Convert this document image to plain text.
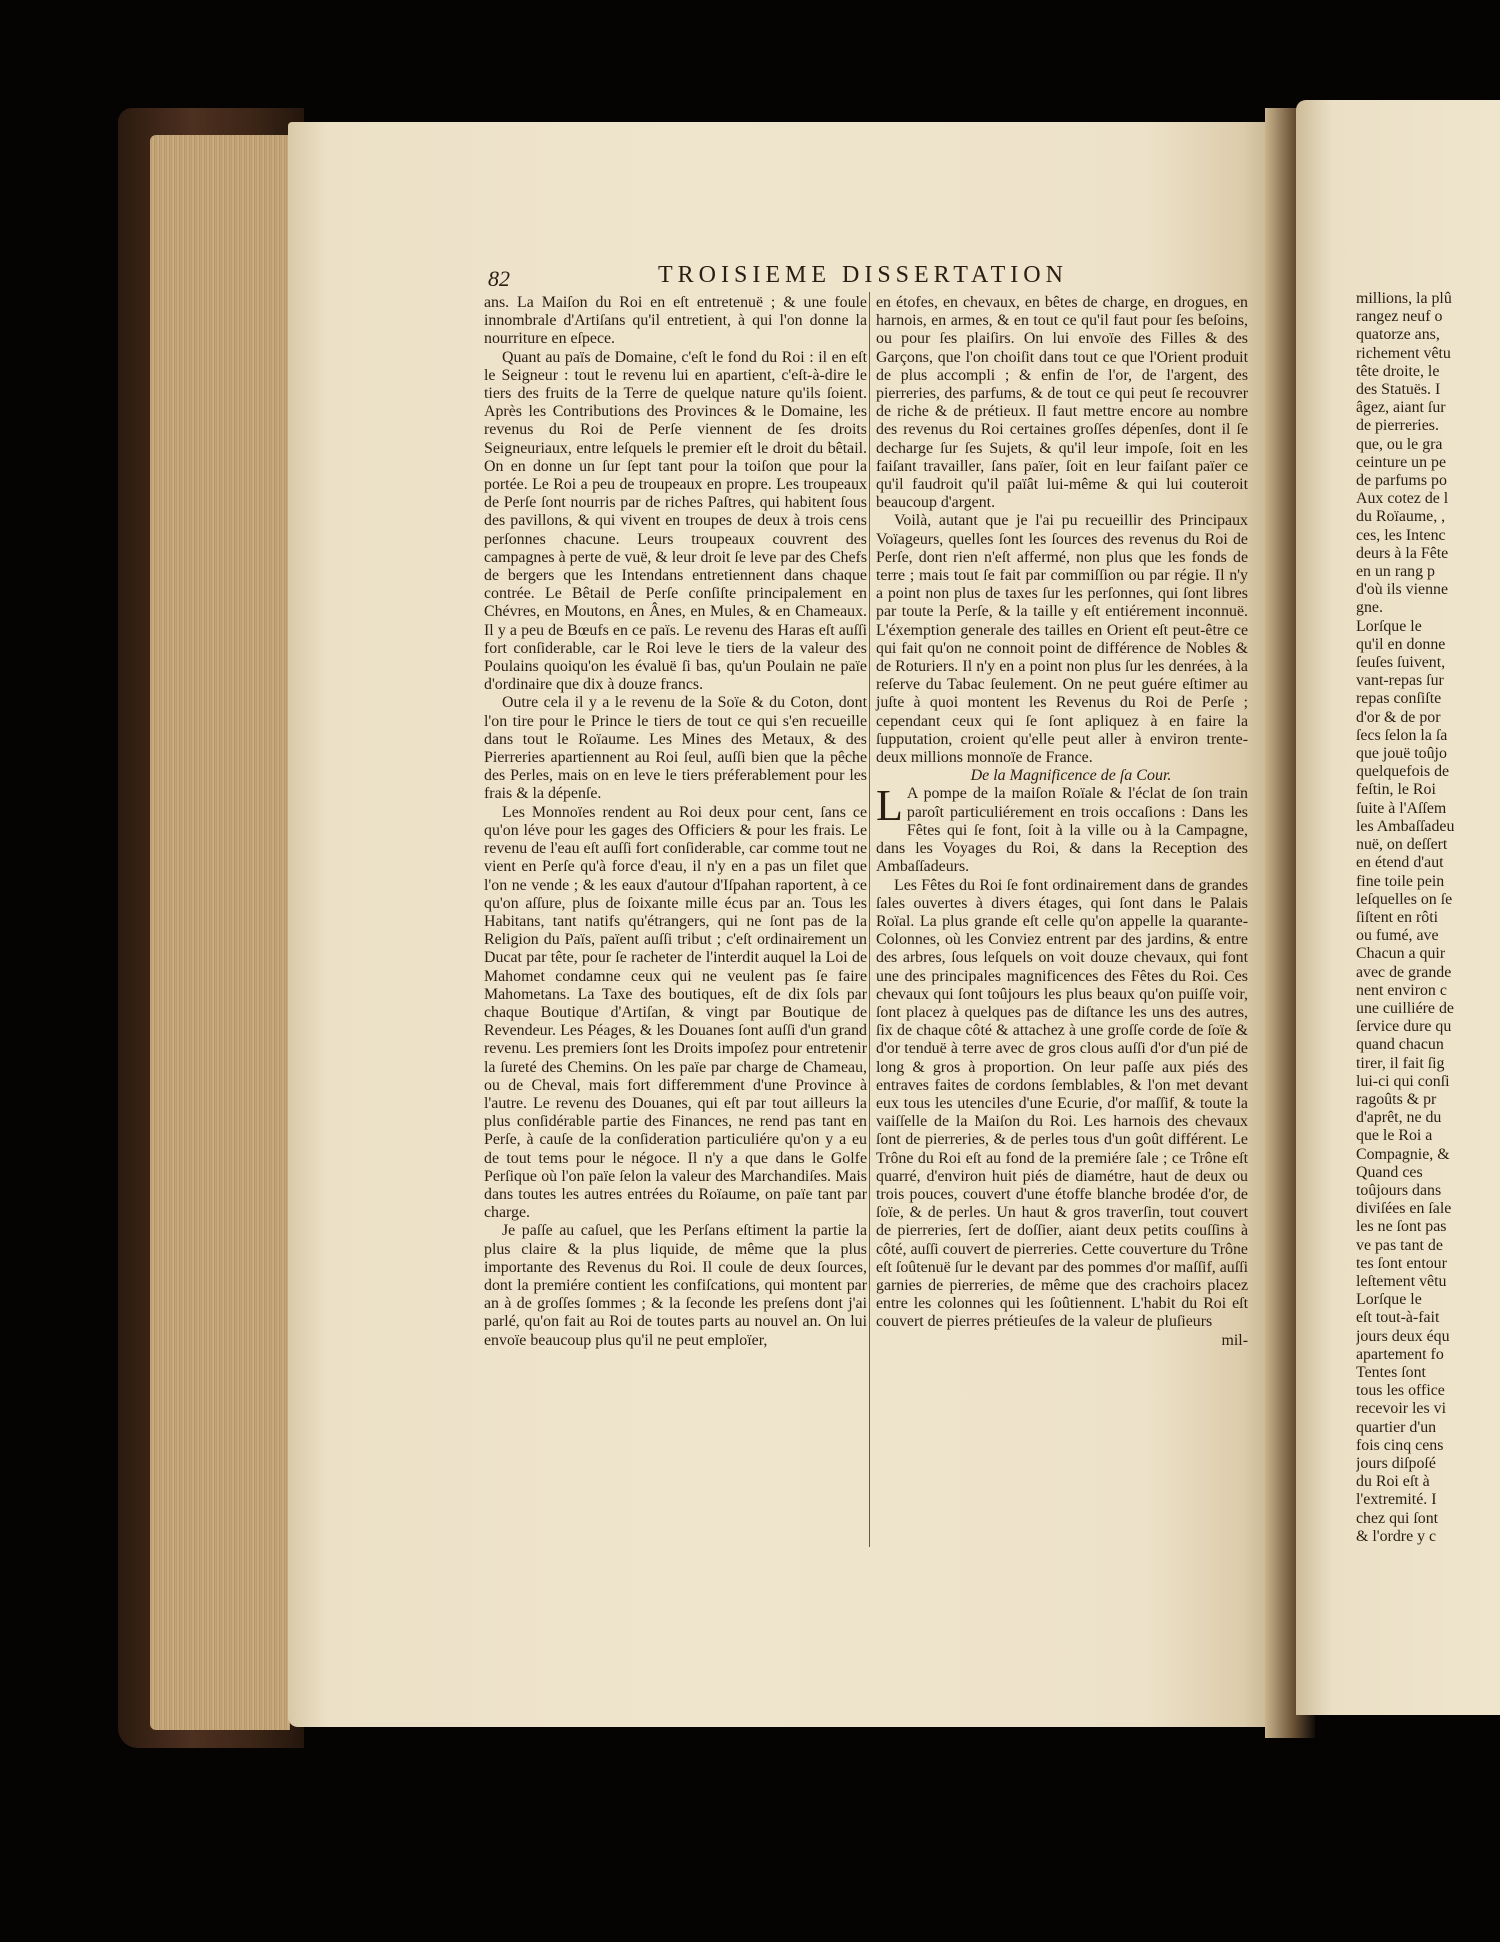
82	TROISIEME DISSERTATION

ans. La Maiſon du Roi en eſt entretenuë ; & une foule innombrale d'Artiſans qu'il entretient, à qui l'on donne la nourriture en eſpece.

Quant au païs de Domaine, c'eſt le fond du Roi : il en eſt le Seigneur : tout le revenu lui en apartient, c'eſt-à-dire le tiers des fruits de la Terre de quelque nature qu'ils ſoient. Après les Contributions des Provinces & le Domaine, les revenus du Roi de Perſe viennent de ſes droits Seigneuriaux, entre leſquels le premier eſt le droit du bêtail. On en donne un ſur ſept tant pour la toiſon que pour la portée. Le Roi a peu de troupeaux en propre. Les troupeaux de Perſe ſont nourris par de riches Paſtres, qui habitent ſous des pavillons, & qui vivent en troupes de deux à trois cens perſonnes chacune. Leurs troupeaux couvrent des campagnes à perte de vuë, & leur droit ſe leve par des Chefs de bergers que les Intendans entretiennent dans chaque contrée. Le Bêtail de Perſe conſiſte principalement en Chévres, en Moutons, en Ânes, en Mules, & en Chameaux. Il y a peu de Bœufs en ce païs. Le revenu des Haras eſt auſſi fort conſiderable, car le Roi leve le tiers de la valeur des Poulains quoiqu'on les évaluë ſi bas, qu'un Poulain ne païe d'ordinaire que dix à douze francs.

Outre cela il y a le revenu de la Soïe & du Coton, dont l'on tire pour le Prince le tiers de tout ce qui s'en recueille dans tout le Roïaume. Les Mines des Metaux, & des Pierreries apartiennent au Roi ſeul, auſſi bien que la pêche des Perles, mais on en leve le tiers préferablement pour les frais & la dépenſe.

Les Monnoïes rendent au Roi deux pour cent, ſans ce qu'on léve pour les gages des Officiers & pour les frais. Le revenu de l'eau eſt auſſi fort conſiderable, car comme tout ne vient en Perſe qu'à force d'eau, il n'y en a pas un filet que l'on ne vende ; & les eaux d'autour d'Iſpahan raportent, à ce qu'on aſſure, plus de ſoixante mille écus par an. Tous les Habitans, tant natifs qu'étrangers, qui ne ſont pas de la Religion du Païs, païent auſſi tribut ; c'eſt ordinairement un Ducat par tête, pour ſe racheter de l'interdit auquel la Loi de Mahomet condamne ceux qui ne veulent pas ſe faire Mahometans. La Taxe des boutiques, eſt de dix ſols par chaque Boutique d'Artiſan, & vingt par Boutique de Revendeur. Les Péages, & les Douanes ſont auſſi d'un grand revenu. Les premiers ſont les Droits impoſez pour entretenir la ſureté des Chemins. On les païe par charge de Chameau, ou de Cheval, mais fort differemment d'une Province à l'autre. Le revenu des Douanes, qui eſt par tout ailleurs la plus conſidérable partie des Finances, ne rend pas tant en Perſe, à cauſe de la conſideration particuliére qu'on y a eu de tout tems pour le négoce. Il n'y a que dans le Golfe Perſique où l'on païe ſelon la valeur des Marchandiſes. Mais dans toutes les autres entrées du Roïaume, on païe tant par charge.

Je paſſe au caſuel, que les Perſans eſtiment la partie la plus claire & la plus liquide, de même que la plus importante des Revenus du Roi. Il coule de deux ſources, dont la premiére contient les confiſcations, qui montent par an à de groſſes ſommes ; & la ſeconde les preſens dont j'ai parlé, qu'on fait au Roi de toutes parts au nouvel an. On lui envoïe beaucoup plus qu'il ne peut emploïer,

en étofes, en chevaux, en bêtes de charge, en drogues, en harnois, en armes, & en tout ce qu'il faut pour ſes beſoins, ou pour ſes plaiſirs. On lui envoïe des Filles & des Garçons, que l'on choiſit dans tout ce que l'Orient produit de plus accompli ; & enfin de l'or, de l'argent, des pierreries, des parfums, & de tout ce qui peut ſe recouvrer de riche & de prétieux. Il faut mettre encore au nombre des revenus du Roi certaines groſſes dépenſes, dont il ſe decharge ſur ſes Sujets, & qu'il leur impoſe, ſoit en les faiſant travailler, ſans païer, ſoit en leur faiſant païer ce qu'il faudroit qu'il païât lui-même & qui lui couteroit beaucoup d'argent.

Voilà, autant que je l'ai pu recueillir des Principaux Voïageurs, quelles ſont les ſources des revenus du Roi de Perſe, dont rien n'eſt affermé, non plus que les fonds de terre ; mais tout ſe fait par commiſſion ou par régie. Il n'y a point non plus de taxes ſur les perſonnes, qui ſont libres par toute la Perſe, & la taille y eſt entiérement inconnuë. L'éxemption generale des tailles en Orient eſt peut-être ce qui fait qu'on ne connoit point de différence de Nobles & de Roturiers. Il n'y en a point non plus ſur les denrées, à la reſerve du Tabac ſeulement. On ne peut guére eſtimer au juſte à quoi montent les Revenus du Roi de Perſe ; cependant ceux qui ſe ſont apliquez à en faire la ſupputation, croient qu'elle peut aller à environ trente-deux millions monnoïe de France.

De la Magnificence de ſa Cour.

L A pompe de la maiſon Roïale & l'éclat de ſon train paroît particuliérement en trois occaſions : Dans les Fêtes qui ſe font, ſoit à la ville ou à la Campagne, dans les Voyages du Roi, & dans la Reception des Ambaſſadeurs.

Les Fêtes du Roi ſe font ordinairement dans de grandes ſales ouvertes à divers étages, qui ſont dans le Palais Roïal. La plus grande eſt celle qu'on appelle la quarante-Colonnes, où les Conviez entrent par des jardins, & entre des arbres, ſous leſquels on voit douze chevaux, qui font une des principales magnificences des Fêtes du Roi. Ces chevaux qui ſont toûjours les plus beaux qu'on puiſſe voir, ſont placez à quelques pas de diſtance les uns des autres, ſix de chaque côté & attachez à une groſſe corde de ſoïe & d'or tenduë à terre avec de gros clous auſſi d'or d'un pié de long & gros à proportion. On leur paſſe aux piés des entraves faites de cordons ſemblables, & l'on met devant eux tous les utenciles d'une Ecurie, d'or maſſif, & toute la vaiſſelle de la Maiſon du Roi. Les harnois des chevaux ſont de pierreries, & de perles tous d'un goût différent. Le Trône du Roi eſt au fond de la premiére ſale ; ce Trône eſt quarré, d'environ huit piés de diamétre, haut de deux ou trois pouces, couvert d'une étoffe blanche brodée d'or, de ſoïe, & de perles. Un haut & gros traverſin, tout couvert de pierreries, ſert de doſſier, aiant deux petits couſſins à côté, auſſi couvert de pierreries. Cette couverture du Trône eſt ſoûtenuë ſur le devant par des pommes d'or maſſif, auſſi garnies de pierreries, de même que des crachoirs placez entre les colonnes qui les ſoûtiennent. L'habit du Roi eſt couvert de pierres prétieuſes de la valeur de pluſieurs

mil-

millions, la plû
rangez neuf o
quatorze ans,
richement vêtu
tête droite, le
des Statuës. I
âgez, aiant ſur
de pierreries.
que, ou le gra
ceinture un pe
de parfums po
Aux cotez de l
du Roïaume, ,
ces, les Intenc
deurs à la Fête
en un rang p
d'où ils vienne
gne.
Lorſque le
qu'il en donne
ſeuſes ſuivent,
vant-repas ſur
repas conſiſte
d'or & de por
ſecs ſelon la ſa
que jouë toûjo
quelquefois de
feſtin, le Roi
ſuite à l'Aſſem
les Ambaſſadeu
nuë, on deſſert
en étend d'aut
fine toile pein
leſquelles on ſe
ſiſtent en rôti
ou fumé, ave
Chacun a quir
avec de grande
nent environ c
une cuilliére de
ſervice dure qu
quand chacun
tirer, il fait ſig
lui-ci qui conſi
ragoûts & pr
d'aprêt, ne du
que le Roi a
Compagnie, &
Quand ces
toûjours dans
diviſées en ſale
les ne ſont pas
ve pas tant de
tes ſont entour
leſtement vêtu
Lorſque le
eſt tout-à-fait
jours deux équ
apartement fo
Tentes ſont
tous les office
recevoir les vi
quartier d'un
fois cinq cens
jours diſpoſé
du Roi eſt à
l'extremité. I
chez qui ſont
& l'ordre y c
